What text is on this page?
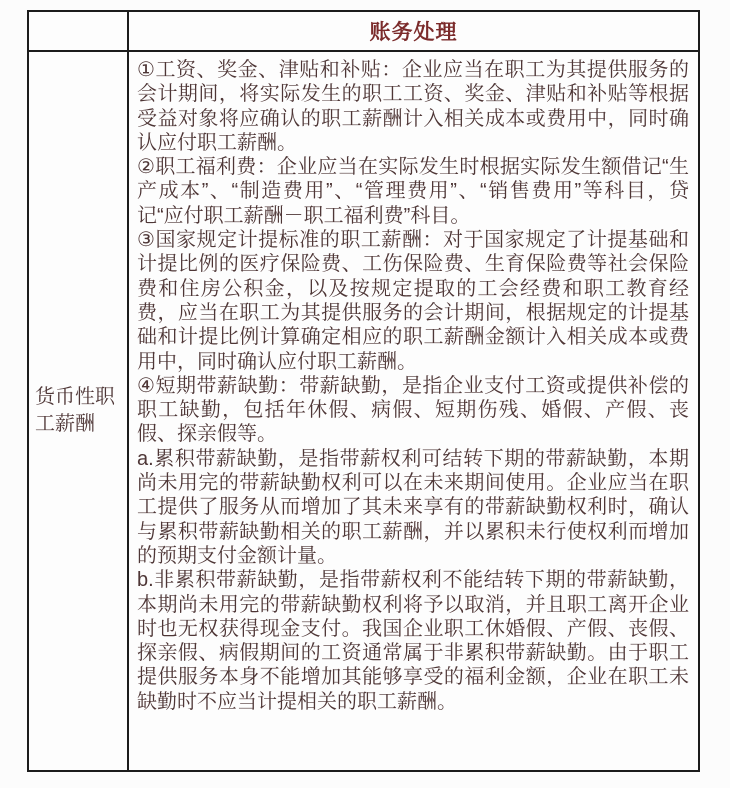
账务处理
货币性职工薪酬

①工资、奖金、津贴和补贴：企业应当在职工为其提供服务的会计期间，将实际发生的职工工资、奖金、津贴和补贴等根据受益对象将应确认的职工薪酬计入相关成本或费用中，同时确认应付职工薪酬。

②职工福利费：企业应当在实际发生时根据实际发生额借记“生产成本”、“制造费用”、“管理费用”、“销售费用”等科目，贷记“应付职工薪酬－职工福利费”科目。

③国家规定计提标准的职工薪酬：对于国家规定了计提基础和计提比例的医疗保险费、工伤保险费、生育保险费等社会保险费和住房公积金，以及按规定提取的工会经费和职工教育经费，应当在职工为其提供服务的会计期间，根据规定的计提基础和计提比例计算确定相应的职工薪酬金额计入相关成本或费用中，同时确认应付职工薪酬。

④短期带薪缺勤：带薪缺勤，是指企业支付工资或提供补偿的职工缺勤，包括年休假、病假、短期伤残、婚假、产假、丧假、探亲假等。

a.累积带薪缺勤，是指带薪权利可结转下期的带薪缺勤，本期尚未用完的带薪缺勤权利可以在未来期间使用。企业应当在职工提供了服务从而增加了其未来享有的带薪缺勤权利时，确认与累积带薪缺勤相关的职工薪酬，并以累积未行使权利而增加的预期支付金额计量。

b.非累积带薪缺勤，是指带薪权利不能结转下期的带薪缺勤，本期尚未用完的带薪缺勤权利将予以取消，并且职工离开企业时也无权获得现金支付。我国企业职工休婚假、产假、丧假、探亲假、病假期间的工资通常属于非累积带薪缺勤。由于职工提供服务本身不能增加其能够享受的福利金额，企业在职工未缺勤时不应当计提相关的职工薪酬。
